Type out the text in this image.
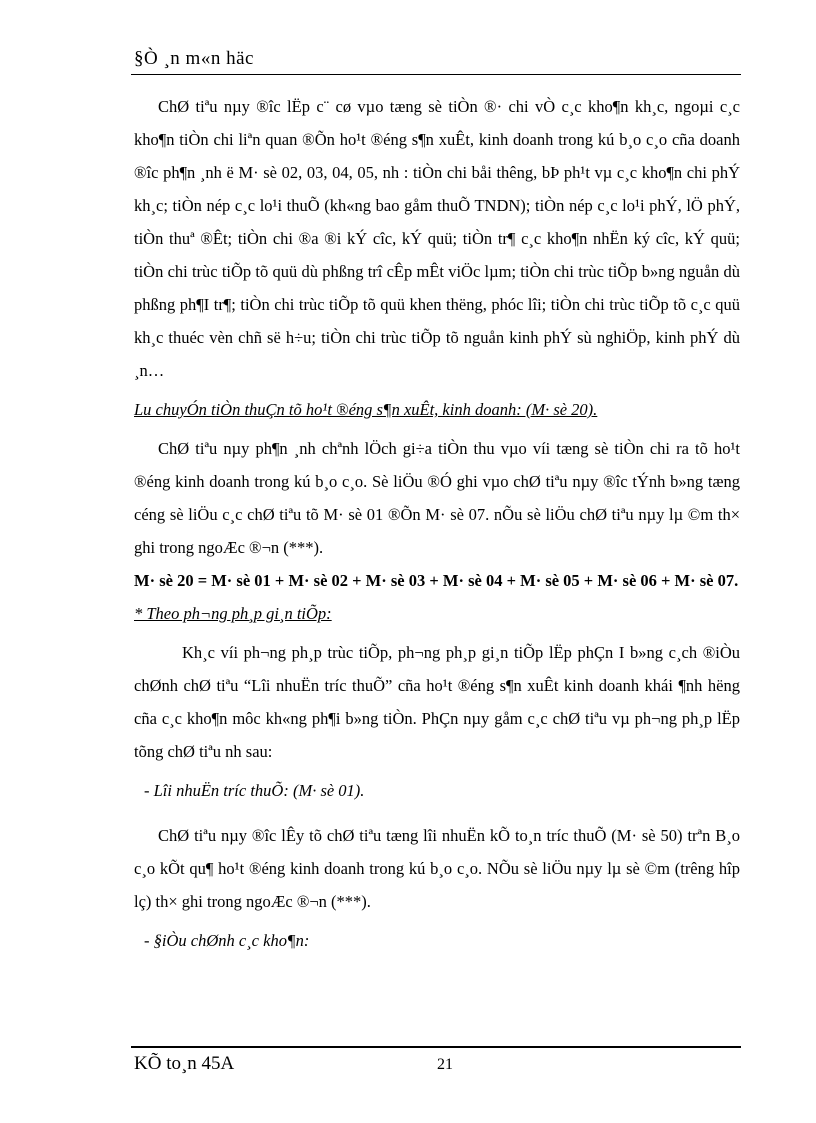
§Ò ¸n m«n häc

ChØ tiªu nµy ®îc lËp c¨ cø vµo tæng sè tiÒn ®· chi vÒ c¸c kho¶n kh¸c, ngoµi c¸c kho¶n tiÒn chi liªn quan ®Õn ho¹t ®éng s¶n xuÊt, kinh doanh trong kú b¸o c¸o cña doanh ®îc ph¶n ¸nh ë M· sè 02, 03, 04, 05, nh : tiÒn chi båi thêng, bÞ ph¹t vµ c¸c kho¶n chi phÝ kh¸c; tiÒn nép c¸c lo¹i thuÕ (kh«ng bao gåm thuÕ TNDN); tiÒn nép c¸c lo¹i phÝ, lÖ phÝ, tiÒn thuª ®Êt; tiÒn chi ®a ®i kÝ cîc, kÝ quü; tiÒn tr¶ c¸c kho¶n nhËn ký cîc, kÝ quü; tiÒn chi trùc tiÕp tõ quü dù phßng trî cÊp mÊt viÖc lµm; tiÒn chi trùc tiÕp b»ng nguån dù phßng ph¶I tr¶; tiÒn chi trùc tiÕp tõ quü khen thëng, phóc lîi; tiÒn chi trùc tiÕp tõ c¸c quü kh¸c thuéc vèn chñ së h÷u; tiÒn chi trùc tiÕp tõ nguån kinh phÝ sù nghiÖp, kinh phÝ dù ¸n…

Lu chuyÓn tiÒn thuÇn tõ ho¹t ®éng s¶n xuÊt, kinh doanh: (M· sè 20).

ChØ tiªu nµy ph¶n ¸nh chªnh lÖch gi÷a tiÒn thu vµo víi tæng sè tiÒn chi ra tõ ho¹t ®éng kinh doanh trong kú b¸o c¸o. Sè liÖu ®Ó ghi vµo chØ tiªu nµy ®îc tÝnh b»ng tæng céng sè liÖu c¸c chØ tiªu tõ M· sè 01 ®Õn M· sè 07. nÕu sè liÖu chØ tiªu nµy lµ ©m th× ghi trong ngoÆc ®¬n (***).

M· sè 20 = M· sè 01 + M· sè 02 + M· sè 03 + M· sè 04 + M· sè 05 + M· sè 06 + M· sè 07.

* Theo ph¬ng ph¸p gi¸n tiÕp:

Kh¸c víi ph¬ng ph¸p trùc tiÕp, ph¬ng ph¸p gi¸n tiÕp lËp phÇn I b»ng c¸ch ®iÒu chØnh chØ tiªu “Lîi nhuËn tríc thuÕ” cña ho¹t ®éng s¶n xuÊt kinh doanh khái ¶nh hëng cña c¸c kho¶n môc kh«ng ph¶i b»ng tiÒn. PhÇn nµy gåm c¸c chØ tiªu vµ ph¬ng ph¸p lËp tõng chØ tiªu nh sau:

- Lîi nhuËn tríc thuÕ: (M· sè 01).

ChØ tiªu nµy ®îc lÊy tõ chØ tiªu tæng lîi nhuËn kÕ to¸n tríc thuÕ (M· sè 50) trªn B¸o c¸o kÕt qu¶ ho¹t ®éng kinh doanh trong kú b¸o c¸o. NÕu sè liÖu nµy lµ sè ©m (trêng hîp lç) th× ghi trong ngoÆc ®¬n (***).

- §iÒu chØnh c¸c kho¶n:

KÕ to¸n 45A	21
